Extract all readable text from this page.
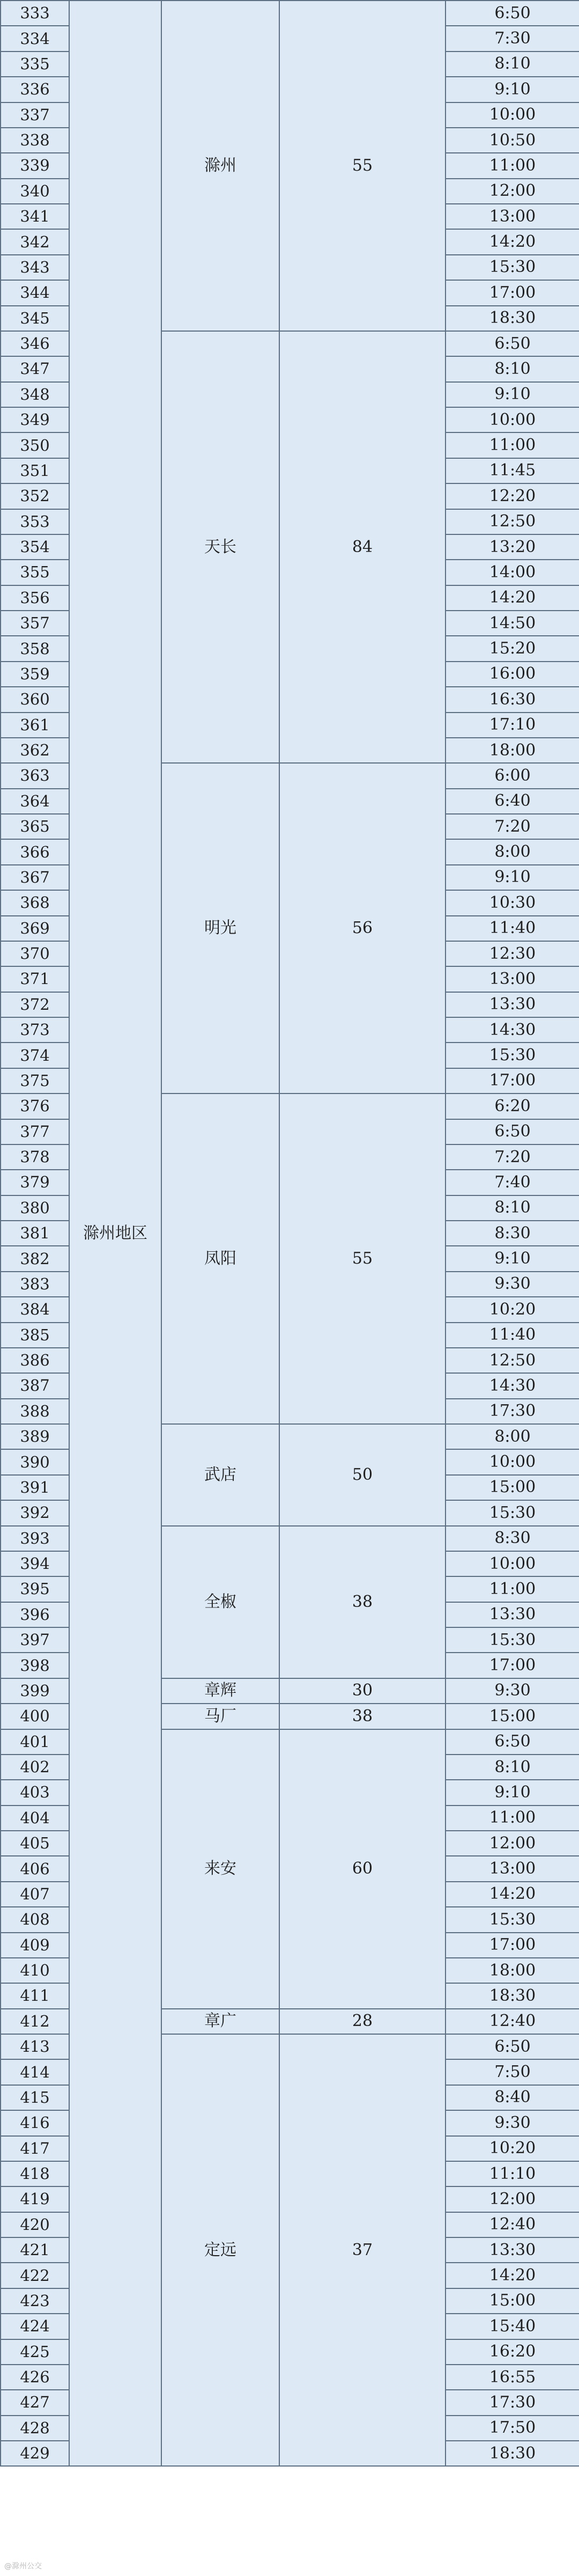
333	滁州地区	滁州	55	6:50
334				7:30
335				8:10
336				9:10
337				10:00
338				10:50
339				11:00
340				12:00
341				13:00
342				14:20
343				15:30
344				17:00
345				18:30
346		天长	84	6:50
347				8:10
348				9:10
349				10:00
350				11:00
351				11:45
352				12:20
353				12:50
354				13:20
355				14:00
356				14:20
357				14:50
358				15:20
359				16:00
360				16:30
361				17:10
362				18:00
363		明光	56	6:00
364				6:40
365				7:20
366				8:00
367				9:10
368				10:30
369				11:40
370				12:30
371				13:00
372				13:30
373				14:30
374				15:30
375				17:00
376		凤阳	55	6:20
377				6:50
378				7:20
379				7:40
380				8:10
381				8:30
382				9:10
383				9:30
384				10:20
385				11:40
386				12:50
387				14:30
388				17:30
389		武店	50	8:00
390				10:00
391				15:00
392				15:30
393		全椒	38	8:30
394				10:00
395				11:00
396				13:30
397				15:30
398				17:00
399		章辉	30	9:30
400		马厂	38	15:00
401		来安	60	6:50
402				8:10
403				9:10
404				11:00
405				12:00
406				13:00
407				14:20
408				15:30
409				17:00
410				18:00
411				18:30
412		章广	28	12:40
413		定远	37	6:50
414				7:50
415				8:40
416				9:30
417				10:20
418				11:10
419				12:00
420				12:40
421				13:30
422				14:20
423				15:00
424				15:40
425				16:20
426				16:55
427				17:30
428				17:50
429				18:30
@滁州公交
